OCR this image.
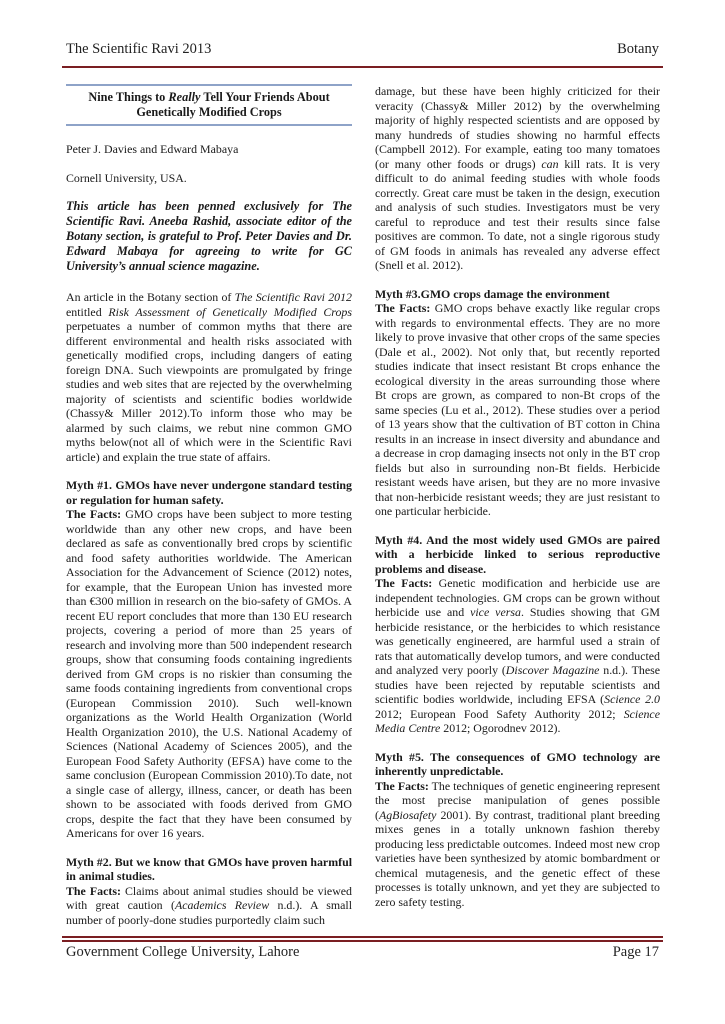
The Scientific Ravi 2013	Botany
Nine Things to Really Tell Your Friends About Genetically Modified Crops

Peter J. Davies and Edward Mabaya

Cornell University, USA.

This article has been penned exclusively for The Scientific Ravi. Aneeba Rashid, associate editor of the Botany section, is grateful to Prof. Peter Davies and Dr. Edward Mabaya for agreeing to write for GC University’s annual science magazine.

An article in the Botany section of The Scientific Ravi 2012 entitled Risk Assessment of Genetically Modified Crops perpetuates a number of common myths that there are different environmental and health risks associated with genetically modified crops, including dangers of eating foreign DNA. Such viewpoints are promulgated by fringe studies and web sites that are rejected by the overwhelming majority of scientists and scientific bodies worldwide (Chassy& Miller 2012).To inform those who may be alarmed by such claims, we rebut nine common GMO myths below(not all of which were in the Scientific Ravi article) and explain the true state of affairs.

Myth #1. GMOs have never undergone standard testing or regulation for human safety.

The Facts: GMO crops have been subject to more testing worldwide than any other new crops, and have been declared as safe as conventionally bred crops by scientific and food safety authorities worldwide. The American Association for the Advancement of Science (2012) notes, for example, that the European Union has invested more than €300 million in research on the bio-safety of GMOs. A recent EU report concludes that more than 130 EU research projects, covering a period of more than 25 years of research and involving more than 500 independent research groups, show that consuming foods containing ingredients derived from GM crops is no riskier than consuming the same foods containing ingredients from conventional crops (European Commission 2010). Such well-known organizations as the World Health Organization (World Health Organization 2010), the U.S. National Academy of Sciences (National Academy of Sciences 2005), and the European Food Safety Authority (EFSA) have come to the same conclusion (European Commission 2010).To date, not a single case of allergy, illness, cancer, or death has been shown to be associated with foods derived from GMO crops, despite the fact that they have been consumed by Americans for over 16 years.

Myth #2. But we know that GMOs have proven harmful in animal studies.

The Facts: Claims about animal studies should be viewed with great caution (Academics Review n.d.). A small number of poorly-done studies purportedly claim such

damage, but these have been highly criticized for their veracity (Chassy& Miller 2012) by the overwhelming majority of highly respected scientists and are opposed by many hundreds of studies showing no harmful effects (Campbell 2012). For example, eating too many tomatoes (or many other foods or drugs) can kill rats. It is very difficult to do animal feeding studies with whole foods correctly. Great care must be taken in the design, execution and analysis of such studies. Investigators must be very careful to reproduce and test their results since false positives are common. To date, not a single rigorous study of GM foods in animals has revealed any adverse effect (Snell et al. 2012).

Myth #3.GMO crops damage the environment

The Facts: GMO crops behave exactly like regular crops with regards to environmental effects. They are no more likely to prove invasive that other crops of the same species (Dale et al., 2002). Not only that, but recently reported studies indicate that insect resistant Bt crops enhance the ecological diversity in the areas surrounding those where Bt crops are grown, as compared to non-Bt crops of the same species (Lu et al., 2012). These studies over a period of 13 years show that the cultivation of BT cotton in China results in an increase in insect diversity and abundance and a decrease in crop damaging insects not only in the BT crop fields but also in surrounding non-Bt fields. Herbicide resistant weeds have arisen, but they are no more invasive that non-herbicide resistant weeds; they are just resistant to one particular herbicide.

Myth #4. And the most widely used GMOs are paired with a herbicide linked to serious reproductive problems and disease.

The Facts: Genetic modification and herbicide use are independent technologies. GM crops can be grown without herbicide use and vice versa. Studies showing that GM herbicide resistance, or the herbicides to which resistance was genetically engineered, are harmful used a strain of rats that automatically develop tumors, and were conducted and analyzed very poorly (Discover Magazine n.d.). These studies have been rejected by reputable scientists and scientific bodies worldwide, including EFSA (Science 2.0 2012; European Food Safety Authority 2012; Science Media Centre 2012; Ogorodnev 2012).

Myth #5. The consequences of GMO technology are inherently unpredictable.

The Facts: The techniques of genetic engineering represent the most precise manipulation of genes possible (AgBiosafety 2001). By contrast, traditional plant breeding mixes genes in a totally unknown fashion thereby producing less predictable outcomes. Indeed most new crop varieties have been synthesized by atomic bombardment or chemical mutagenesis, and the genetic effect of these processes is totally unknown, and yet they are subjected to zero safety testing.

Government College University, Lahore	Page 17
